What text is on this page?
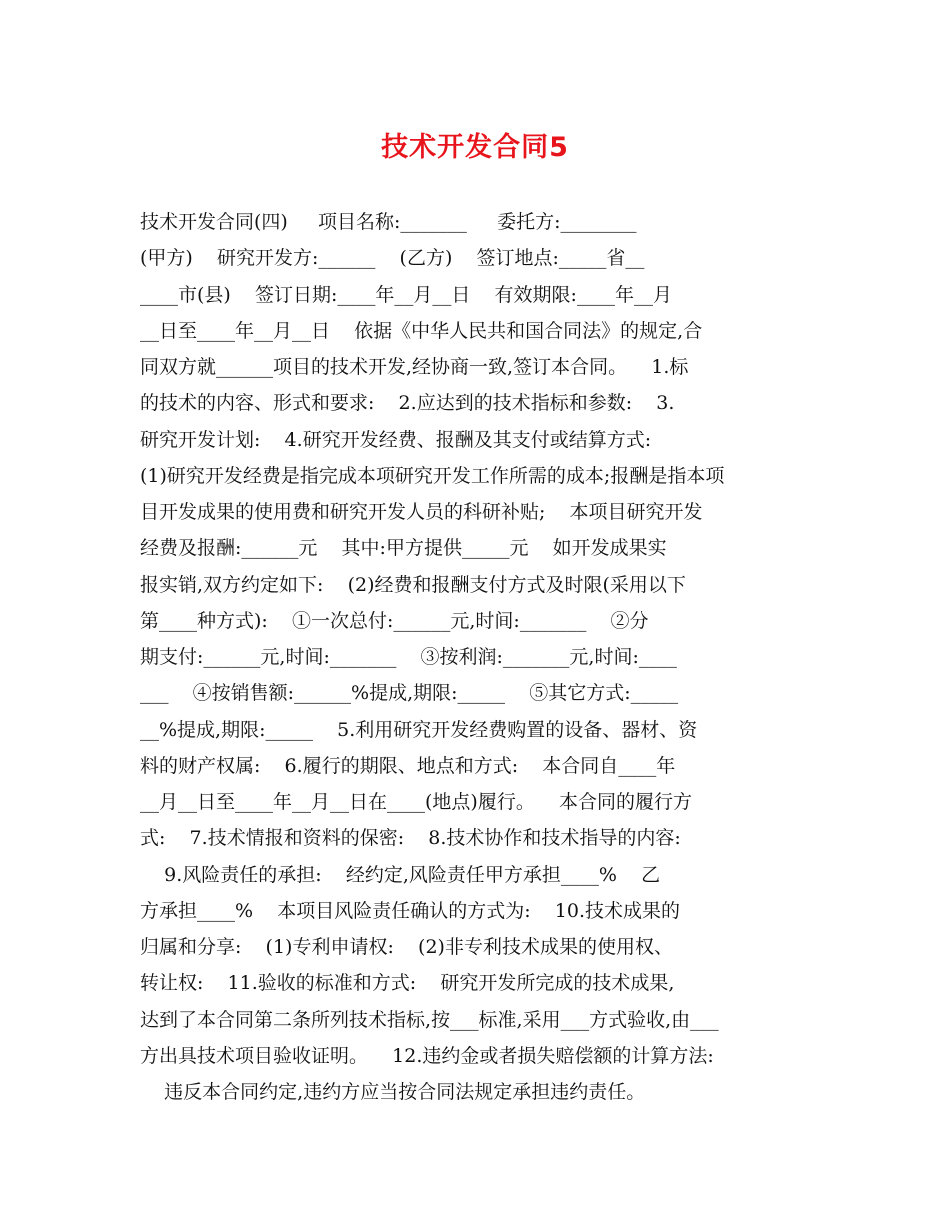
技术开发合同5
技术开发合同(四)     项目名称:_______     委托方:________
(甲方)    研究开发方:______    (乙方)    签订地点:_____省__
____市(县)    签订日期:____年__月__日    有效期限:____年__月
__日至____年__月__日    依据《中华人民共和国合同法》的规定,合
同双方就______项目的技术开发,经协商一致,签订本合同。    1.标
的技术的内容、形式和要求:    2.应达到的技术指标和参数:    3.
研究开发计划:    4.研究开发经费、报酬及其支付或结算方式:
(1)研究开发经费是指完成本项研究开发工作所需的成本;报酬是指本项
目开发成果的使用费和研究开发人员的科研补贴;    本项目研究开发
经费及报酬:______元    其中:甲方提供_____元    如开发成果实
报实销,双方约定如下:    (2)经费和报酬支付方式及时限(采用以下
第____种方式):    ①一次总付:______元,时间:_______    ②分
期支付:______元,时间:_______    ③按利润:_______元,时间:____
___    ④按销售额:______%提成,期限:_____    ⑤其它方式:_____
__%提成,期限:_____    5.利用研究开发经费购置的设备、器材、资
料的财产权属:    6.履行的期限、地点和方式:    本合同自____年
__月__日至____年__月__日在____(地点)履行。    本合同的履行方
式:    7.技术情报和资料的保密:    8.技术协作和技术指导的内容:
9.风险责任的承担:    经约定,风险责任甲方承担____%    乙
方承担____%    本项目风险责任确认的方式为:    10.技术成果的
归属和分享:    (1)专利申请权:    (2)非专利技术成果的使用权、
转让权:    11.验收的标准和方式:    研究开发所完成的技术成果,
达到了本合同第二条所列技术指标,按___标准,采用___方式验收,由___
方出具技术项目验收证明。    12.违约金或者损失赔偿额的计算方法:
违反本合同约定,违约方应当按合同法规定承担违约责任。
